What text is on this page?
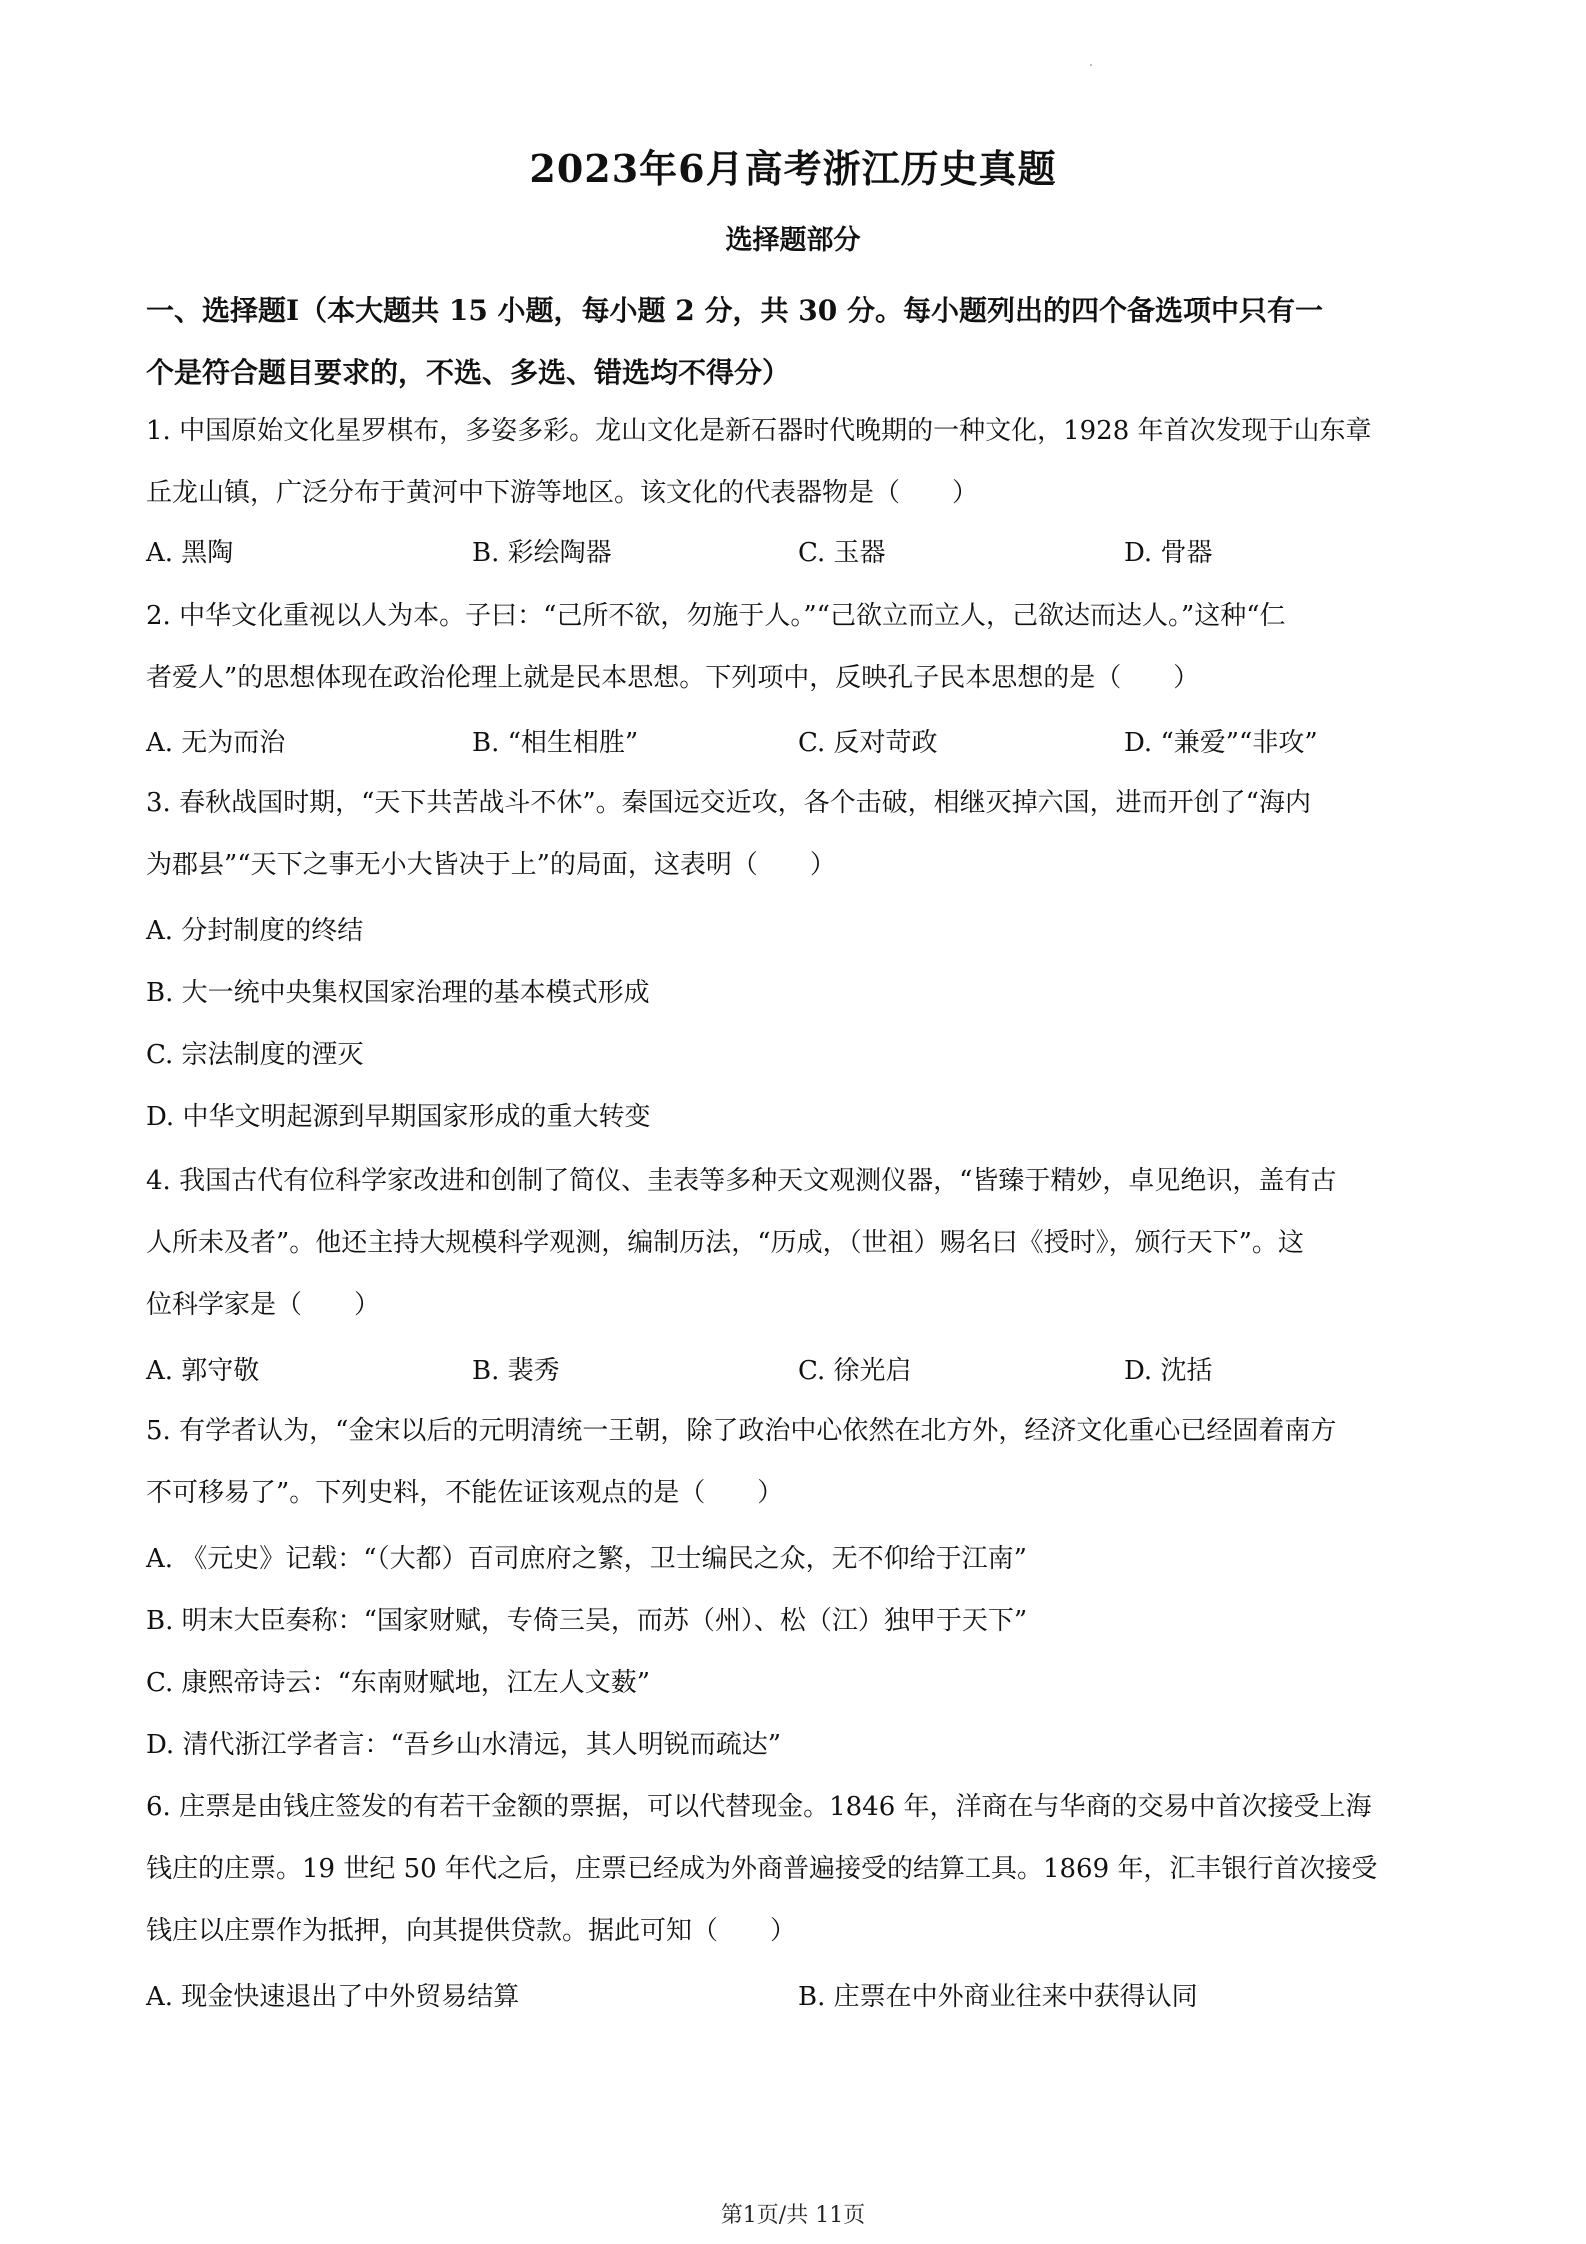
2023年6月高考浙江历史真题
选择题部分
一、选择题Ⅰ（本大题共 15 小题，每小题 2 分，共 30 分。每小题列出的四个备选项中只有一
个是符合题目要求的，不选、多选、错选均不得分）
1. 中国原始文化星罗棋布，多姿多彩。龙山文化是新石器时代晚期的一种文化，1928 年首次发现于山东章
丘龙山镇，广泛分布于黄河中下游等地区。该文化的代表器物是（　　）
A. 黑陶	B. 彩绘陶器	C. 玉器	D. 骨器
2. 中华文化重视以人为本。子曰：“己所不欲，勿施于人。”“己欲立而立人，己欲达而达人。”这种“仁
者爱人”的思想体现在政治伦理上就是民本思想。下列项中，反映孔子民本思想的是（　　）
A. 无为而治	B. “相生相胜”	C. 反对苛政	D. “兼爱”“非攻”
3. 春秋战国时期，“天下共苦战斗不休”。秦国远交近攻，各个击破，相继灭掉六国，进而开创了“海内
为郡县”“天下之事无小大皆决于上”的局面，这表明（　　）
A. 分封制度的终结
B. 大一统中央集权国家治理的基本模式形成
C. 宗法制度的湮灭
D. 中华文明起源到早期国家形成的重大转变
4. 我国古代有位科学家改进和创制了简仪、圭表等多种天文观测仪器，“皆臻于精妙，卓见绝识，盖有古
人所未及者”。他还主持大规模科学观测，编制历法，“历成，（世祖）赐名曰《授时》，颁行天下”。这
位科学家是（　　）
A. 郭守敬	B. 裴秀	C. 徐光启	D. 沈括
5. 有学者认为，“金宋以后的元明清统一王朝，除了政治中心依然在北方外，经济文化重心已经固着南方
不可移易了”。下列史料，不能佐证该观点的是（　　）
A. 《元史》记载：“（大都）百司庶府之繁，卫士编民之众，无不仰给于江南”
B. 明末大臣奏称：“国家财赋，专倚三吴，而苏（州）、松（江）独甲于天下”
C. 康熙帝诗云：“东南财赋地，江左人文薮”
D. 清代浙江学者言：“吾乡山水清远，其人明锐而疏达”
6. 庄票是由钱庄签发的有若干金额的票据，可以代替现金。1846 年，洋商在与华商的交易中首次接受上海
钱庄的庄票。19 世纪 50 年代之后，庄票已经成为外商普遍接受的结算工具。1869 年，汇丰银行首次接受
钱庄以庄票作为抵押，向其提供贷款。据此可知（　　）
A. 现金快速退出了中外贸易结算	B. 庄票在中外商业往来中获得认同
第1页/共 11页
